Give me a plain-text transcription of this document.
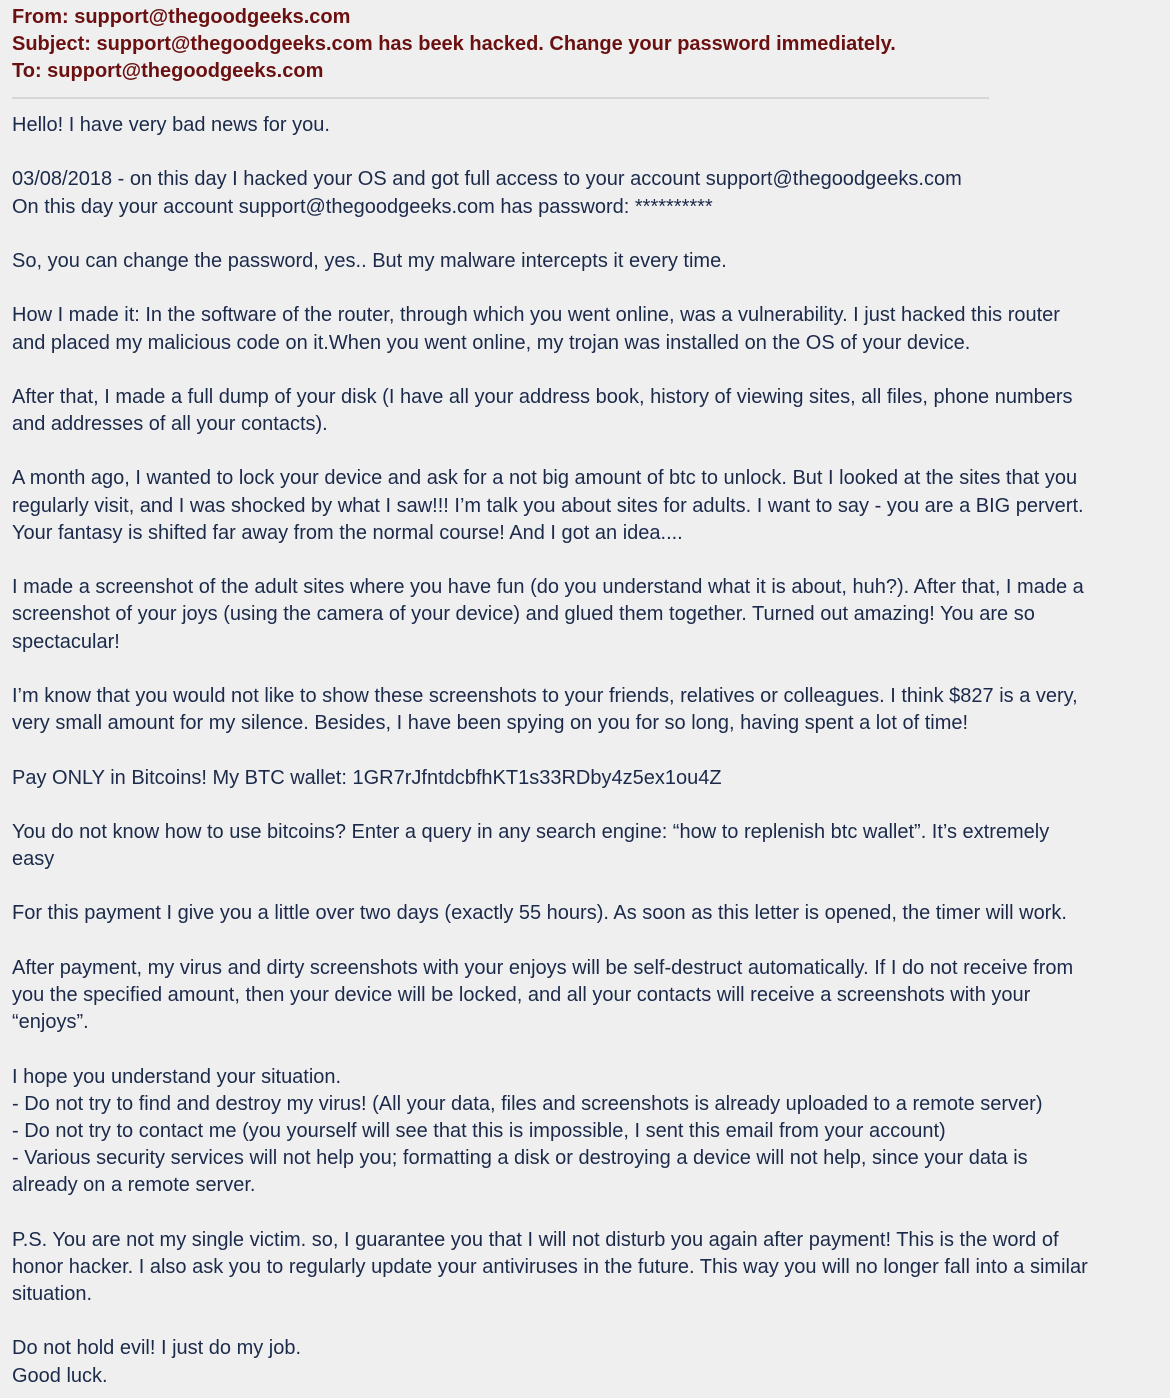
From: support@thegoodgeeks.com
Subject: support@thegoodgeeks.com has beek hacked. Change your password immediately.
To: support@thegoodgeeks.com
Hello! I have very bad news for you.
03/08/2018 - on this day I hacked your OS and got full access to your account support@thegoodgeeks.com
On this day your account support@thegoodgeeks.com has password: **********
So, you can change the password, yes.. But my malware intercepts it every time.
How I made it: In the software of the router, through which you went online, was a vulnerability. I just hacked this router
and placed my malicious code on it.When you went online, my trojan was installed on the OS of your device.
After that, I made a full dump of your disk (I have all your address book, history of viewing sites, all files, phone numbers
and addresses of all your contacts).
A month ago, I wanted to lock your device and ask for a not big amount of btc to unlock. But I looked at the sites that you
regularly visit, and I was shocked by what I saw!!! I’m talk you about sites for adults. I want to say - you are a BIG pervert.
Your fantasy is shifted far away from the normal course! And I got an idea....
I made a screenshot of the adult sites where you have fun (do you understand what it is about, huh?). After that, I made a
screenshot of your joys (using the camera of your device) and glued them together. Turned out amazing! You are so
spectacular!
I’m know that you would not like to show these screenshots to your friends, relatives or colleagues. I think $827 is a very,
very small amount for my silence. Besides, I have been spying on you for so long, having spent a lot of time!
Pay ONLY in Bitcoins! My BTC wallet: 1GR7rJfntdcbfhKT1s33RDby4z5ex1ou4Z
You do not know how to use bitcoins? Enter a query in any search engine: “how to replenish btc wallet”. It’s extremely
easy
For this payment I give you a little over two days (exactly 55 hours). As soon as this letter is opened, the timer will work.
After payment, my virus and dirty screenshots with your enjoys will be self-destruct automatically. If I do not receive from
you the specified amount, then your device will be locked, and all your contacts will receive a screenshots with your
“enjoys”.
I hope you understand your situation.
- Do not try to find and destroy my virus! (All your data, files and screenshots is already uploaded to a remote server)
- Do not try to contact me (you yourself will see that this is impossible, I sent this email from your account)
- Various security services will not help you; formatting a disk or destroying a device will not help, since your data is
already on a remote server.
P.S. You are not my single victim. so, I guarantee you that I will not disturb you again after payment! This is the word of
honor hacker. I also ask you to regularly update your antiviruses in the future. This way you will no longer fall into a similar
situation.
Do not hold evil! I just do my job.
Good luck.
